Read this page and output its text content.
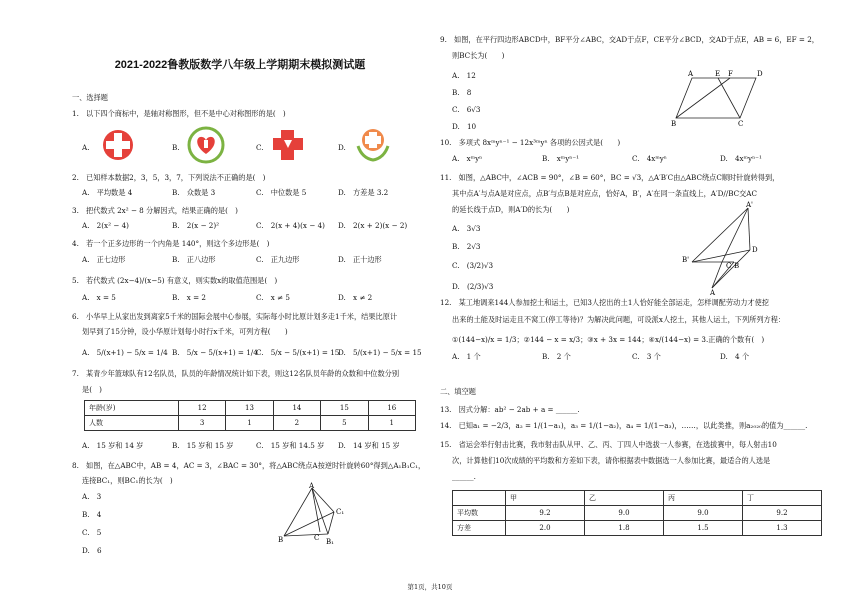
2021-2022鲁教版数学八年级上学期期末模拟测试题
一、选择题
1.　以下四个商标中，是轴对称图形，但不是中心对称图形的是(　)
A.	B.	C.	D.
2.　已知样本数据2，3，5，3，7，下列说法不正确的是(　)
A.　平均数是 4	B.　众数是 3	C.　中位数是 5	D.　方差是 3.2
3.　把代数式 2x² − 8 分解因式，结果正确的是(　)
A.　2(x² − 4)	B.　2(x − 2)²	C.　2(x + 4)(x − 4) D.　2(x + 2)(x − 2)
4.　若一个正多边形的一个内角是 140°，则这个多边形是(　)
A.　正七边形	B.　正八边形	C.　正九边形	D.　正十边形
5.　若代数式 (2x−4)/(x−5) 有意义，则实数x的取值范围是(　)
A.　x = 5	B.　x = 2	C.　x ≠ 5	D.　x ≠ 2
6.　小华早上从家出发到离家5千米的国际会展中心参展，实际每小时比原计划多走1千米，结果比原计
划早到了15分钟，设小华原计划每小时行x千米，可列方程(　　)
A.　5/(x+1) − 5/x = 1/4 B.　5/x − 5/(x+1) = 1/4
C.　5/x − 5/(x+1) = 15
D.　5/(x+1) − 5/x = 15
7.　某青少年篮球队有12名队员，队员的年龄情况统计如下表，则这12名队员年龄的众数和中位数分别
是(　)
年龄(岁)	12	13	14	15	16
人数	3	1	2	5	1
A.　15 岁和 14 岁	B.　15 岁和 15 岁	C.　15 岁和 14.5 岁 D.　14 岁和 15 岁
8.　如图，在△ABC中，AB = 4，AC = 3，∠BAC = 30°，将△ABC绕点A按逆时针旋转60°得到△A₁B₁C₁，
连接BC₁，则BC₁的长为(　)
A.　3
B.　4
C.　5
D.　6
A
C₁
B	C B₁
9.　如图，在平行四边形ABCD中，BF平分∠ABC，交AD于点F，CE平分∠BCD，交AD于点E，AB = 6，EF = 2，
则BC长为(　　)
A.　12
B.　8
C.　6√3
D.　10
A	E F	D
B	C
10.　多项式 8xᵐyⁿ⁻¹ − 12x³ᵐyⁿ 各项的公因式是(　　)
A.　xᵐyⁿ	B.　xᵐyⁿ⁻¹	C.　4xᵐyⁿ	D.　4xᵐyⁿ⁻¹
11.　如图，△ABC中，∠ACB = 90°，∠B = 60°，BC = √3，△A′B′C由△ABC绕点C顺时针旋转得到，
其中点A′与点A是对应点，点B′与点B是对应点，恰好A，B′，A′在同一条直线上，A′D//BC交AC
的延长线于点D，则A′D的长为(　　)
A.　3√3
B.　2√3
C.　(3/2)√3
D.　(2/3)√3
A'
B'
D
C B
A
12.　某工地调来144人参加挖土和运土，已知3人挖出的土1人恰好能全部运走，怎样调配劳动力才使挖
出来的土能及时运走且不窝工(停工等待)？为解决此问题，可设派x人挖土，其他人运土，下列所列方程：
①(144−x)/x = 1/3；②144 − x = x/3；③x + 3x = 144；④x/(144−x) = 3.正确的个数有(　)
A.　1 个	B.　2 个	C.　3 个	D.　4 个
二、填空题
13.　因式分解：ab² − 2ab + a = ______.
14.　已知a₁ = −2/3，a₂ = 1/(1−a₁)，a₃ = 1/(1−a₂)，a₄ = 1/(1−a₃)，……，以此类推，则a₂₀₂₀的值为______.
15.　省运会举行射击比赛，我市射击队从甲、乙、丙、丁四人中选拔一人参赛，在选拔赛中，每人射击10
次，计算他们10次成绩的平均数和方差如下表，请你根据表中数据选一人参加比赛，最适合的人选是
______.
	甲	乙	丙	丁
平均数	9.2	9.0	9.0	9.2
方差	2.0	1.8	1.5	1.3
第1页，共10页
